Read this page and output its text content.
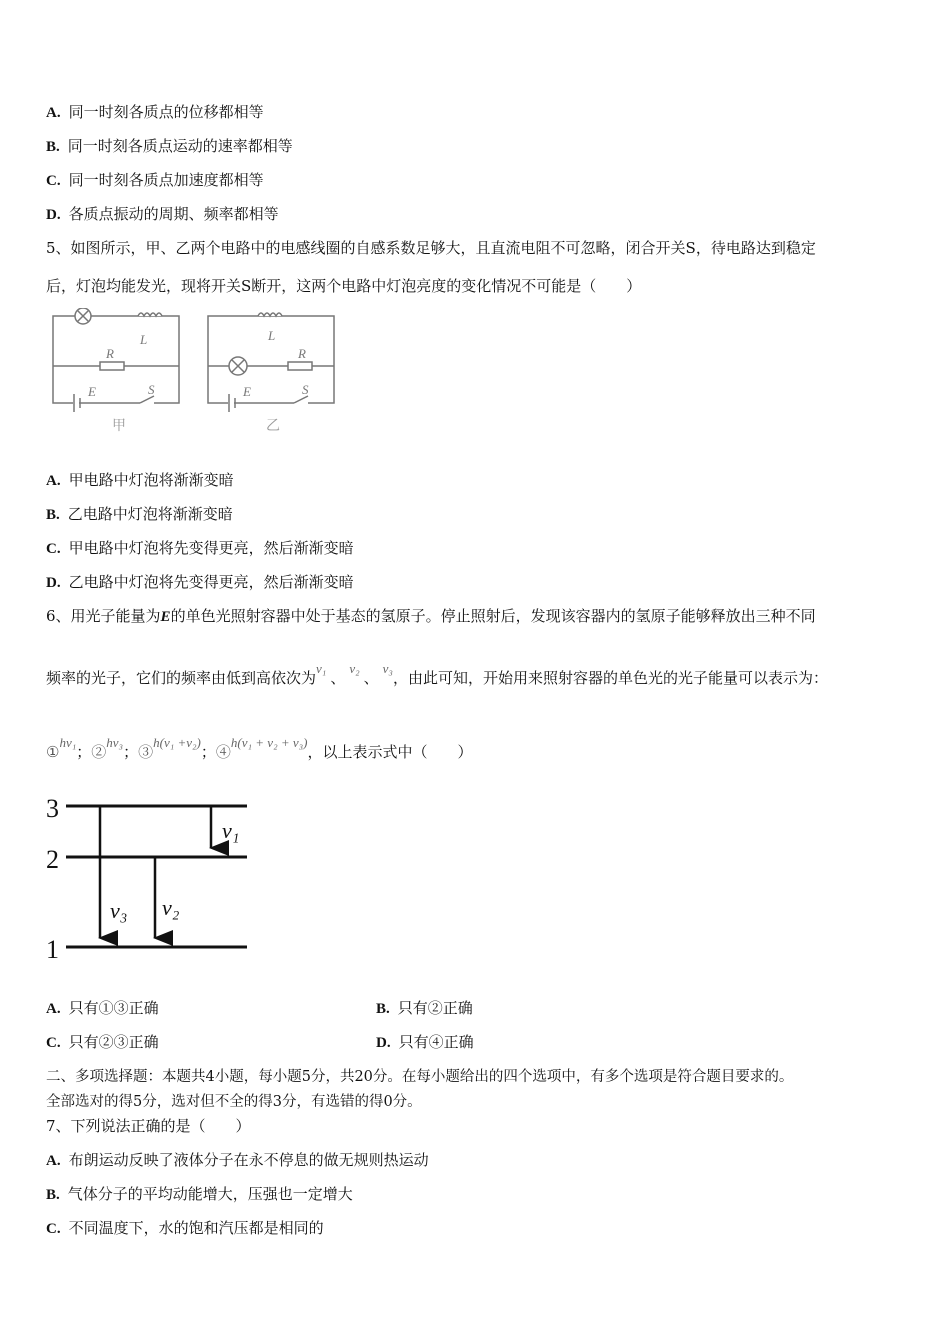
A. 同一时刻各质点的位移都相等
B. 同一时刻各质点运动的速率都相等
C. 同一时刻各质点加速度都相等
D. 各质点振动的周期、频率都相等
5、如图所示，甲、乙两个电路中的电感线圈的自感系数足够大，且直流电阻不可忽略，闭合开关S，待电路达到稳定
后，灯泡均能发光，现将开关S断开，这两个电路中灯泡亮度的变化情况不可能是（　　）
L
R
E	S
L
R
E	S
甲	乙
A. 甲电路中灯泡将渐渐变暗
B. 乙电路中灯泡将渐渐变暗
C. 甲电路中灯泡将先变得更亮，然后渐渐变暗
D. 乙电路中灯泡将先变得更亮，然后渐渐变暗
6、用光子能量为E的单色光照射容器中处于基态的氢原子。停止照射后，发现该容器内的氢原子能够释放出三种不同
频率的光子，它们的频率由低到高依次为v₁、v₂、v₃，由此可知，开始用来照射容器的单色光的光子能量可以表示为：
①hv₁；②hv₃；③h(v₁ +v₂)；④h(v₁ + v₂ + v₃)，以上表示式中（　　）
3
2
1
v₁
v₃ v₂
A. 只有①③正确	B. 只有②正确
C. 只有②③正确	D. 只有④正确
二、多项选择题：本题共4小题，每小题5分，共20分。在每小题给出的四个选项中，有多个选项是符合题目要求的。
全部选对的得5分，选对但不全的得3分，有选错的得0分。
7、下列说法正确的是（　　）
A. 布朗运动反映了液体分子在永不停息的做无规则热运动
B. 气体分子的平均动能增大，压强也一定增大
C. 不同温度下，水的饱和汽压都是相同的
